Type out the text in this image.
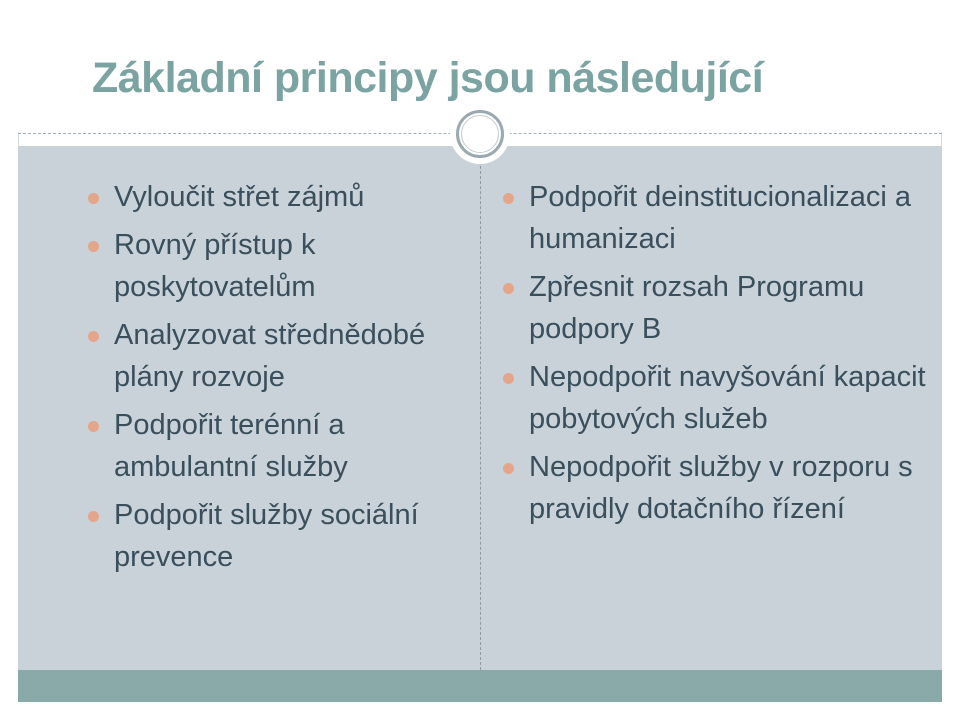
Základní principy jsou následující
Vyloučit střet zájmů
Rovný přístup k poskytovatelům
Analyzovat střednědobé plány rozvoje
Podpořit terénní a ambulantní služby
Podpořit služby sociální prevence
Podpořit deinstitucionalizaci a humanizaci
Zpřesnit rozsah Programu podpory B
Nepodpořit navyšování kapacit pobytových služeb
Nepodpořit služby v rozporu s pravidly dotačního řízení
